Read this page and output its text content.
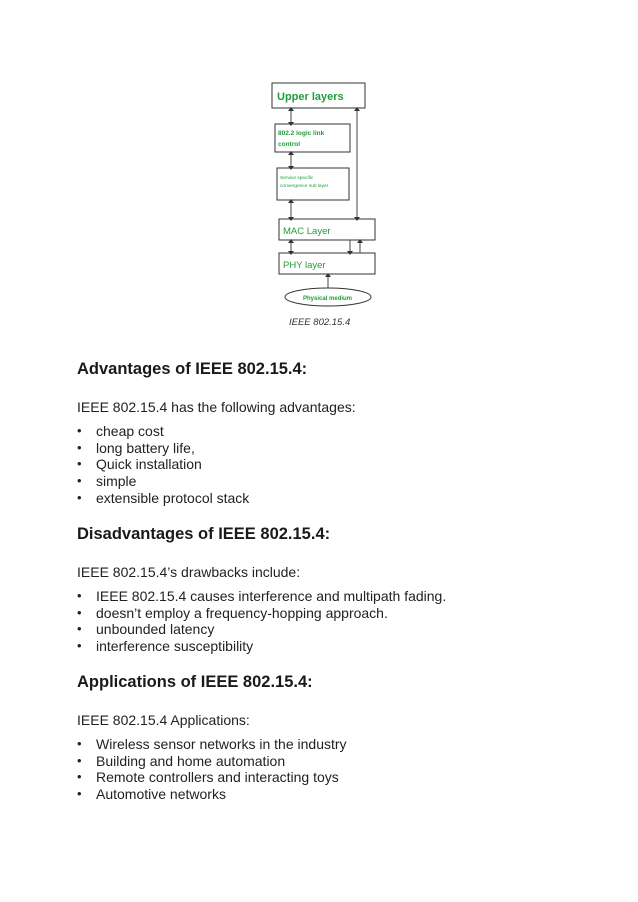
Upper layers
802.2 logic link
control
Service specific
convergence sub layer
MAC Layer
PHY layer
Physical medium
IEEE 802.15.4
Advantages of IEEE 802.15.4:

IEEE 802.15.4 has the following advantages:

• cheap cost
• long battery life,
• Quick installation
• simple
• extensible protocol stack
Disadvantages of IEEE 802.15.4:

IEEE 802.15.4’s drawbacks include:

• IEEE 802.15.4 causes interference and multipath fading.
• doesn’t employ a frequency-hopping approach.
• unbounded latency
• interference susceptibility
Applications of IEEE 802.15.4:

IEEE 802.15.4 Applications:

• Wireless sensor networks in the industry
• Building and home automation
• Remote controllers and interacting toys
• Automotive networks
